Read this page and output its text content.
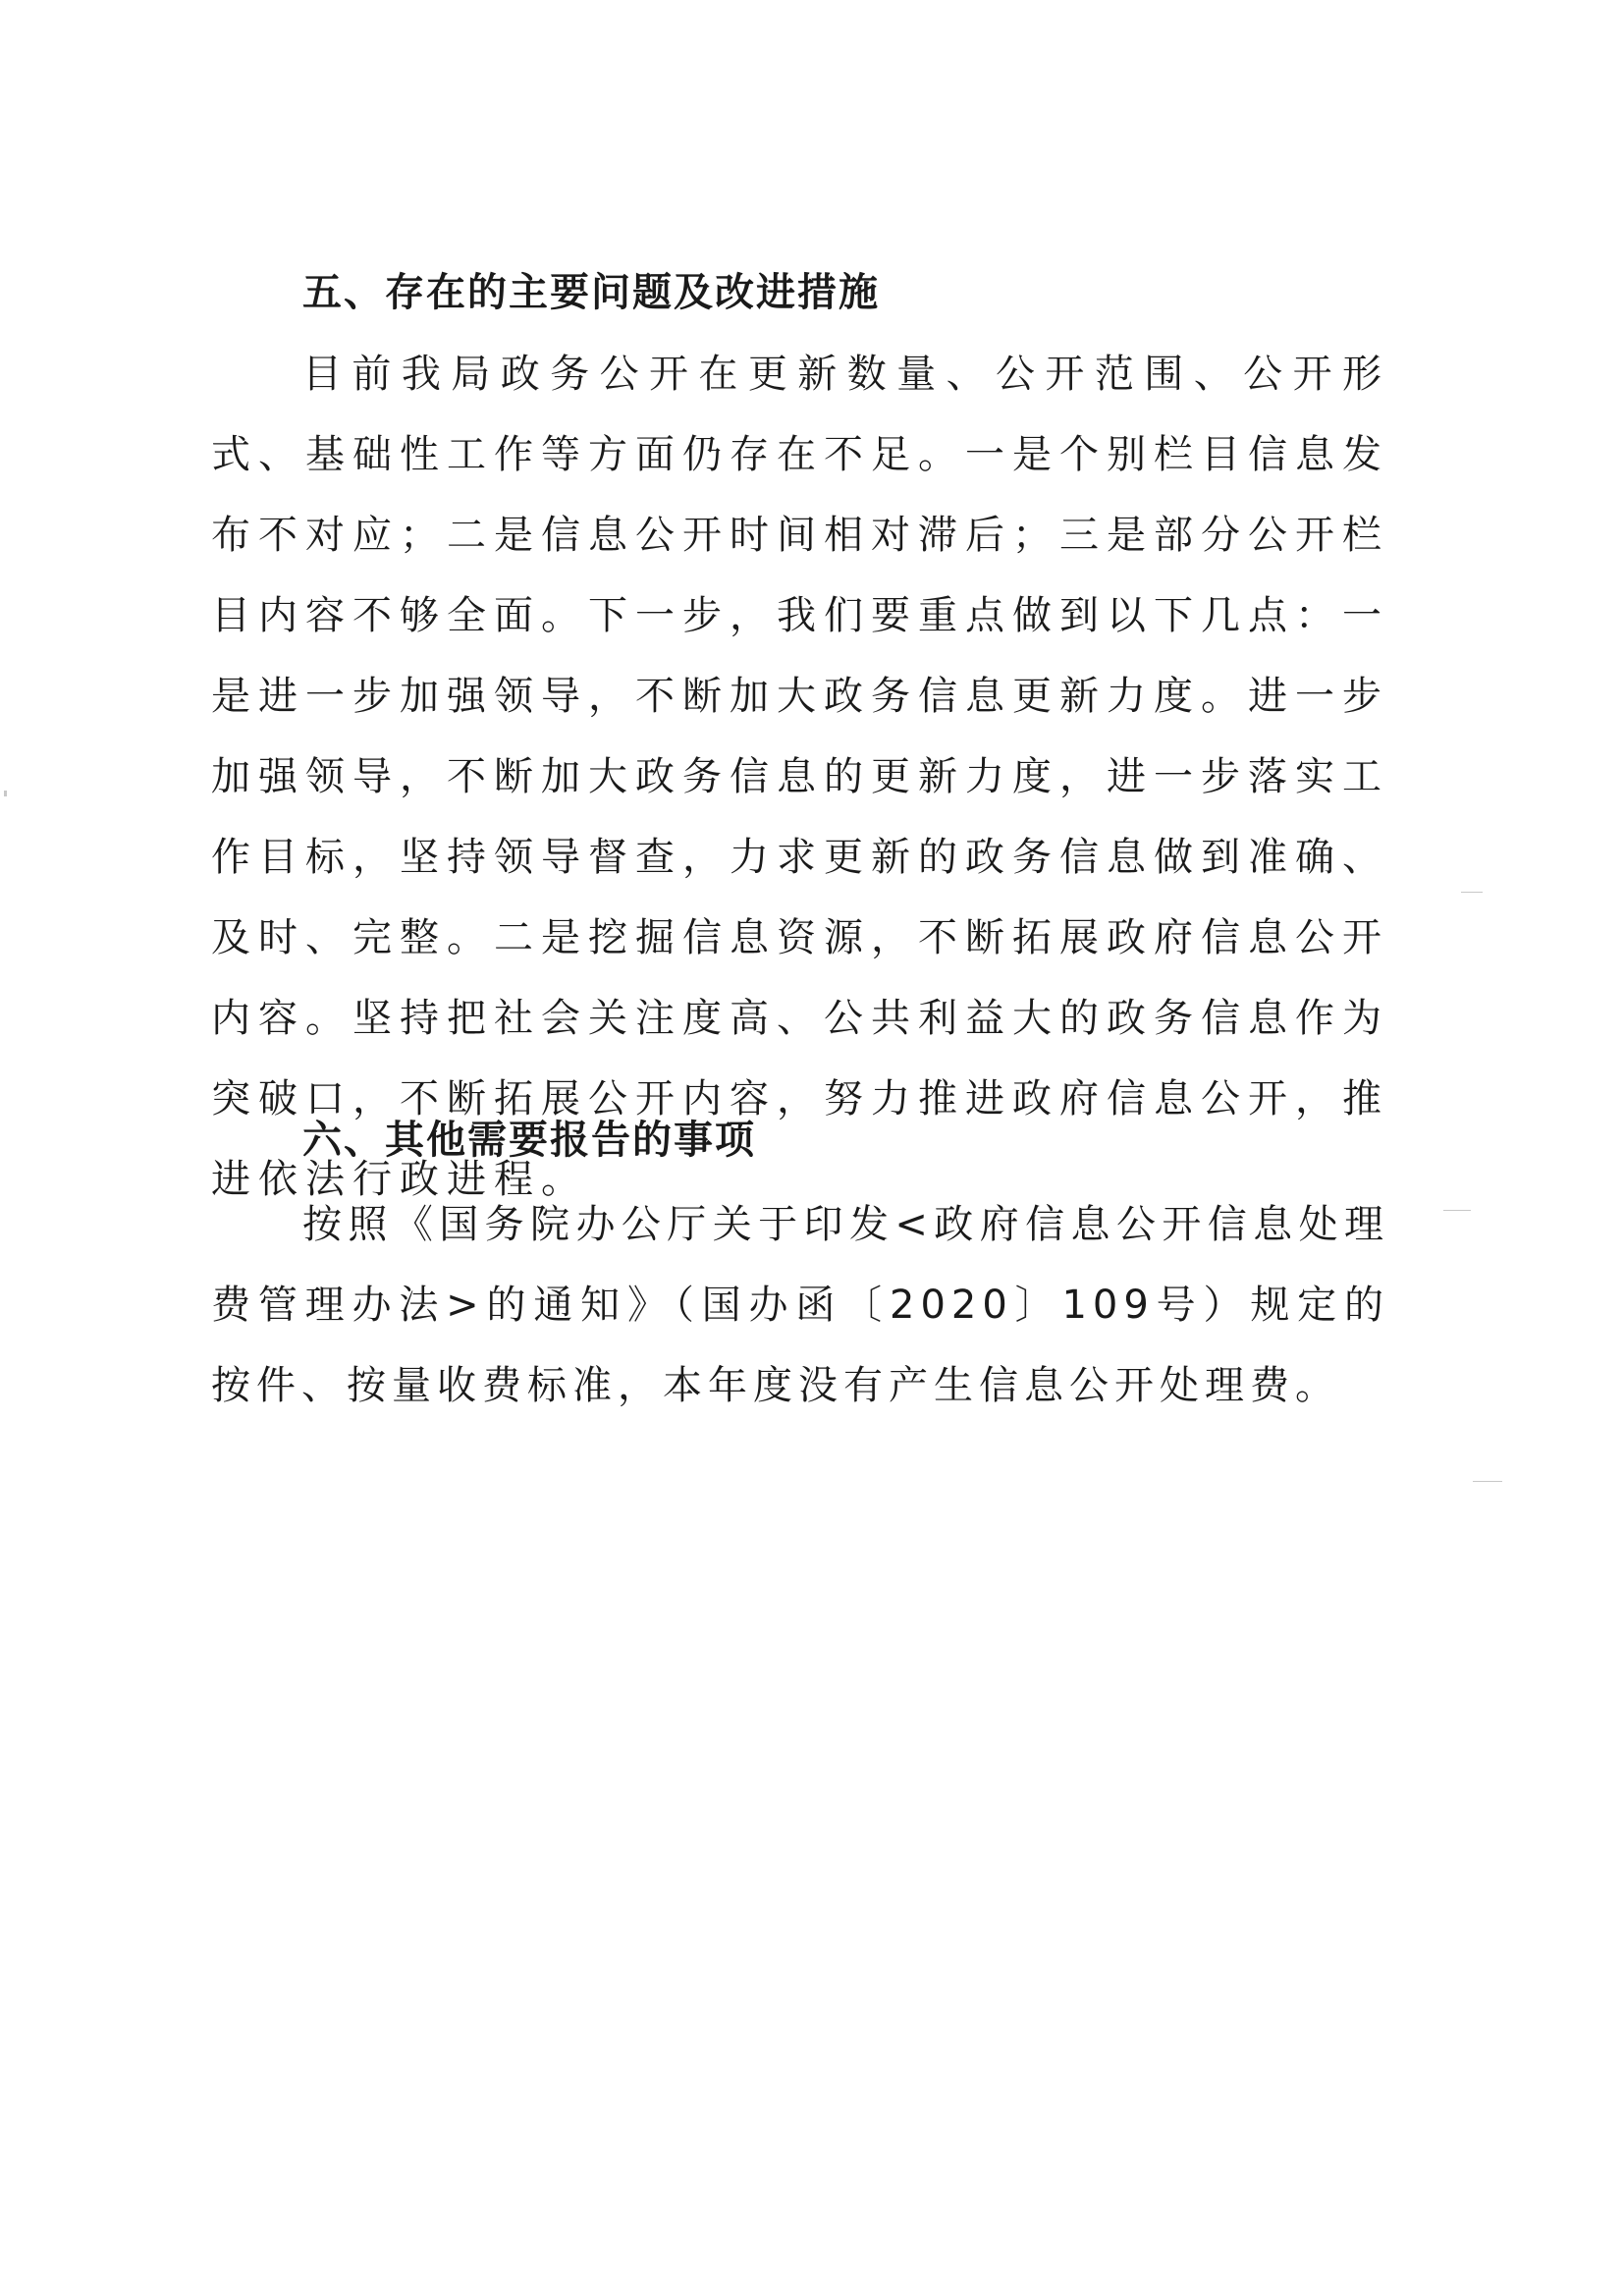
五、存在的主要问题及改进措施

目前我局政务公开在更新数量、公开范围、公开形式、基础性工作等方面仍存在不足。一是个别栏目信息发布不对应；二是信息公开时间相对滞后；三是部分公开栏目内容不够全面。下一步，我们要重点做到以下几点：一是进一步加强领导，不断加大政务信息更新力度。进一步加强领导，不断加大政务信息的更新力度，进一步落实工作目标，坚持领导督查，力求更新的政务信息做到准确、及时、完整。二是挖掘信息资源，不断拓展政府信息公开内容。坚持把社会关注度高、公共利益大的政务信息作为突破口，不断拓展公开内容，努力推进政府信息公开，推进依法行政进程。

六、其他需要报告的事项

按照《国务院办公厅关于印发<政府信息公开信息处理费管理办法>的通知》（国办函〔2020〕109号）规定的按件、按量收费标准，本年度没有产生信息公开处理费。
